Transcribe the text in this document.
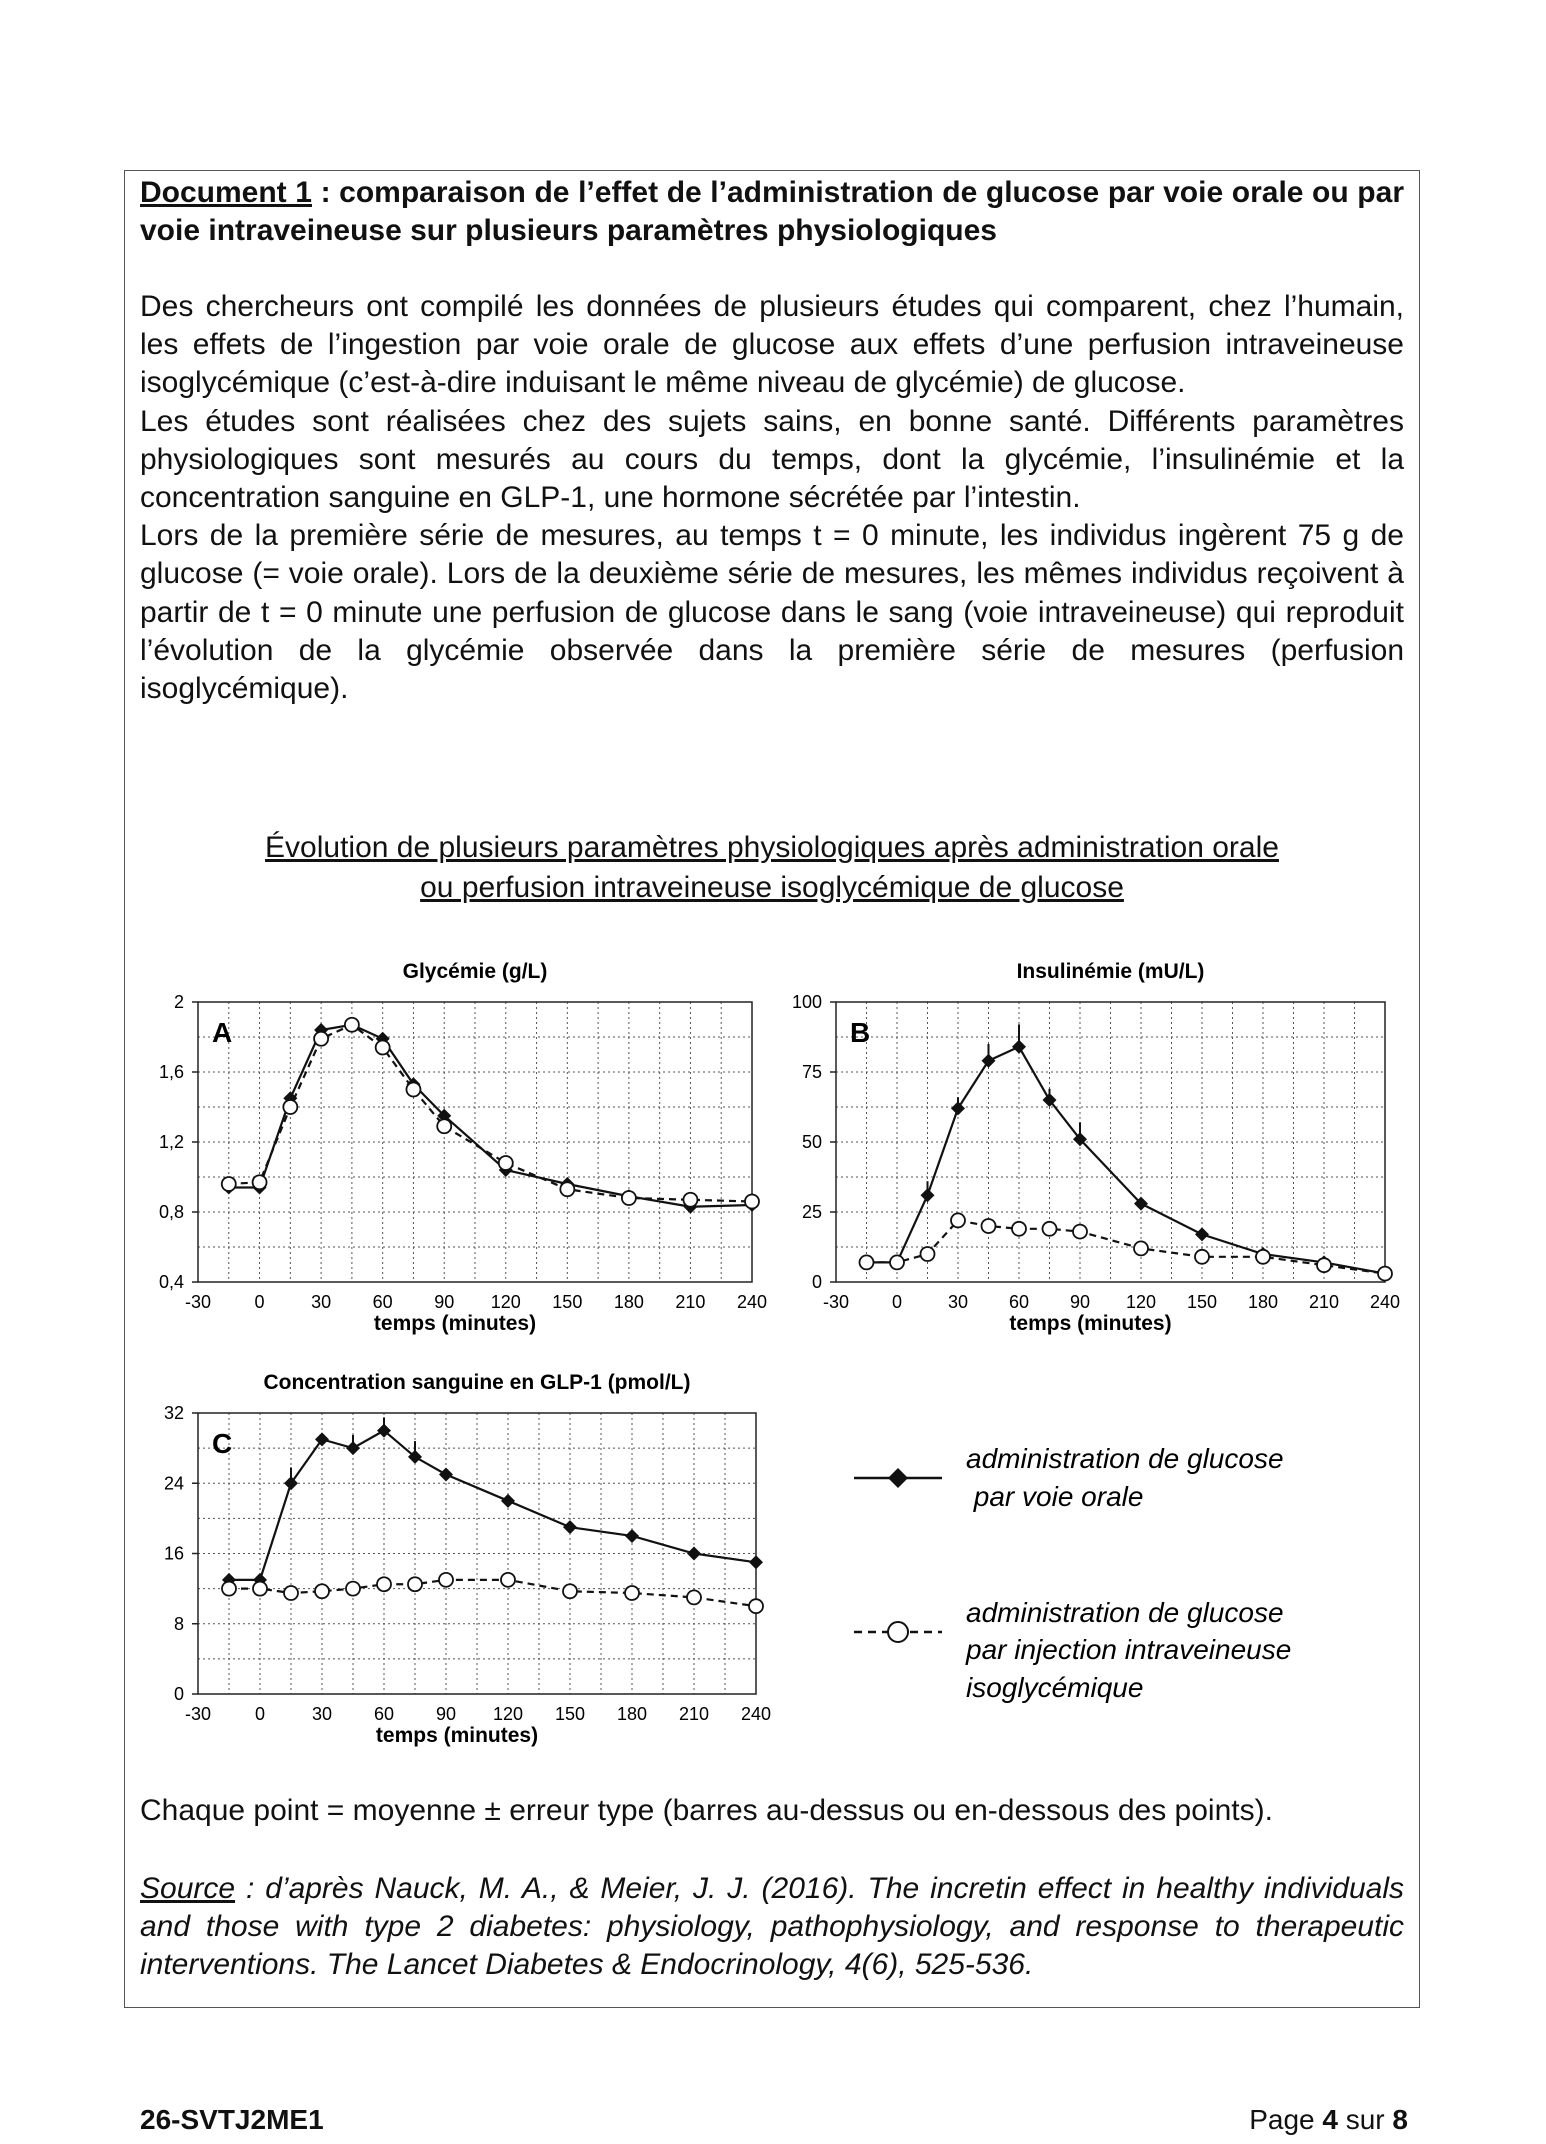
Document 1 : comparaison de l’effet de l’administration de glucose par voie orale ou par voie intraveineuse sur plusieurs paramètres physiologiques

Des chercheurs ont compilé les données de plusieurs études qui comparent, chez l’humain, les effets de l’ingestion par voie orale de glucose aux effets d’une perfusion intraveineuse isoglycémique (c’est-à-dire induisant le même niveau de glycémie) de glucose.

Les études sont réalisées chez des sujets sains, en bonne santé. Différents paramètres physiologiques sont mesurés au cours du temps, dont la glycémie, l’insulinémie et la concentration sanguine en GLP-1, une hormone sécrétée par l’intestin.

Lors de la première série de mesures, au temps t = 0 minute, les individus ingèrent 75 g de glucose (= voie orale). Lors de la deuxième série de mesures, les mêmes individus reçoivent à partir de t = 0 minute une perfusion de glucose dans le sang (voie intraveineuse) qui reproduit l’évolution de la glycémie observée dans la première série de mesures (perfusion isoglycémique).

Évolution de plusieurs paramètres physiologiques après administration orale
ou perfusion intraveineuse isoglycémique de glucose
Glycémie (g/L)
0,4
0,8
1,2
1,6
2
-30 0	30 60 90 120 150 180 210 240
temps (minutes)
A
Insulinémie (mU/L)
0
25
50
75
100
-30 0	30 60 90 120 150 180 210 240
temps (minutes)
B
Concentration sanguine en GLP-1 (pmol/L)
0
8
16
24
32
-30 0	30 60 90 120 150 180 210 240
temps (minutes)
C	administration de glucose
par voie orale
administration de glucose
par injection intraveineuse
isoglycémique
Chaque point = moyenne ± erreur type (barres au-dessus ou en-dessous des points).
Source : d’après Nauck, M. A., & Meier, J. J. (2016). The incretin effect in healthy individuals and those with type 2 diabetes: physiology, pathophysiology, and response to therapeutic interventions. The Lancet Diabetes & Endocrinology, 4(6), 525-536.
26-SVTJ2ME1	Page 4 sur 8
